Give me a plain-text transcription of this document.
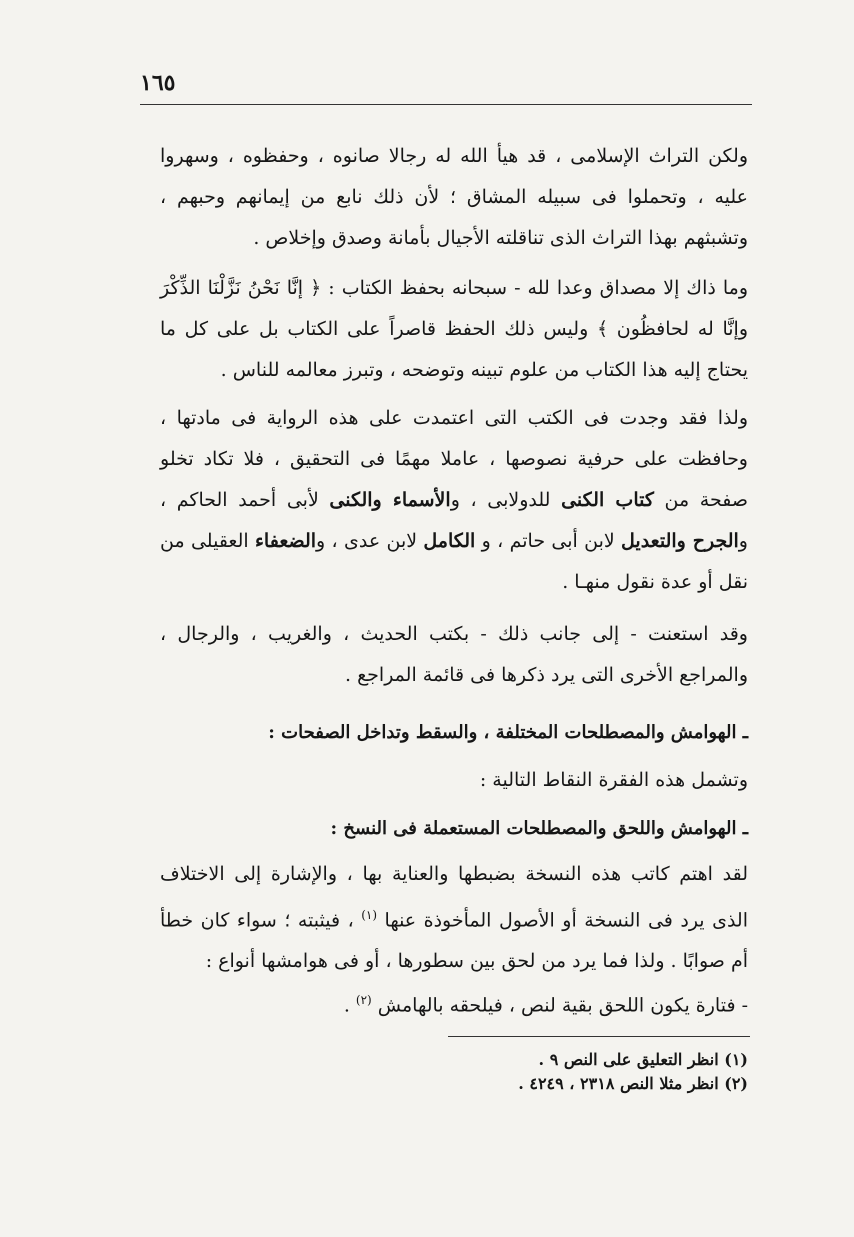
١٦٥

ولكن التراث الإسلامى ، قد هيأ الله له رجالا صانوه ، وحفظوه ، وسهروا عليه ، وتحملوا فى سبيله المشاق ؛ لأن ذلك نابع من إيمانهم وحبهم ، وتشبثهم بهذا التراث الذى تناقلته الأجيال بأمانة وصدق وإخلاص .

وما ذاك إلا مصداق وعدا لله - سبحانه بحفظ الكتاب : ﴿ إنَّا نَحْنُ نَزَّلْنَا الذِّكْرَ وإنَّا له لحافظُون ﴾ وليس ذلك الحفظ قاصراً على الكتاب بل على كل ما يحتاج إليه هذا الكتاب من علوم تبينه وتوضحه ، وتبرز معالمه للناس .

ولذا فقد وجدت فى الكتب التى اعتمدت على هذه الرواية فى مادتها ، وحافظت على حرفية نصوصها ، عاملا مهمًا فى التحقيق ، فلا تكاد تخلو صفحة من كتاب الكنى للدولابى ، والأسماء والكنى لأبى أحمد الحاكم ، والجرح والتعديل لابن أبى حاتم ، و الكامل لابن عدى ، والضعفاء العقيلى من نقل أو عدة نقول منهـا .

وقد استعنت - إلى جانب ذلك - بكتب الحديث ، والغريب ، والرجال ، والمراجع الأخرى التى يرد ذكرها فى قائمة المراجع .

ـ الهوامش والمصطلحات المختلفة ، والسقط وتداخل الصفحات :

وتشمل هذه الفقرة النقاط التالية :

ـ الهوامش واللحق والمصطلحات المستعملة فى النسخ :

لقد اهتم كاتب هذه النسخة بضبطها والعناية بها ، والإشارة إلى الاختلاف الذى يرد فى النسخة أو الأصول المأخوذة عنها $^{(١)}$ ، فيثبته ؛ سواء كان خطأ أم صوابًا . ولذا فما يرد من لحق بين سطورها ، أو فى هوامشها أنواع :

- فتارة يكون اللحق بقية لنص ، فيلحقه بالهامش $^{(٢)}$ .

(١) انظر التعليق على النص ٩ .

(٢) انظر مثلا النص ٢٣١٨ ، ٤٢٤٩ .
